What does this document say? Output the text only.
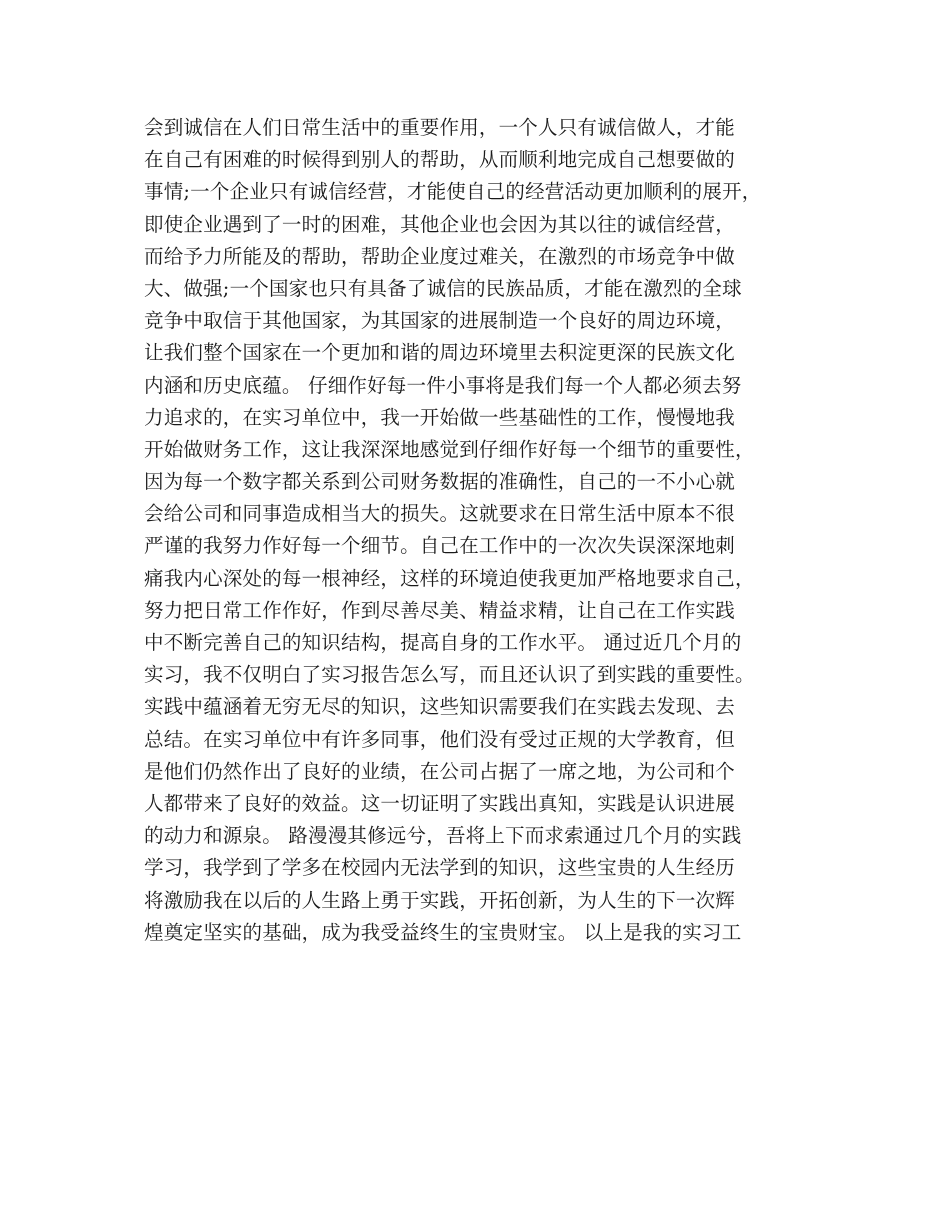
会到诚信在人们日常生活中的重要作用，一个人只有诚信做人，才能
在自己有困难的时候得到别人的帮助，从而顺利地完成自己想要做的
事情;一个企业只有诚信经营，才能使自己的经营活动更加顺利的展开，
即使企业遇到了一时的困难，其他企业也会因为其以往的诚信经营，
而给予力所能及的帮助，帮助企业度过难关，在激烈的市场竞争中做
大、做强;一个国家也只有具备了诚信的民族品质，才能在激烈的全球
竞争中取信于其他国家，为其国家的进展制造一个良好的周边环境，
让我们整个国家在一个更加和谐的周边环境里去积淀更深的民族文化
内涵和历史底蕴。 仔细作好每一件小事将是我们每一个人都必须去努
力追求的，在实习单位中，我一开始做一些基础性的工作，慢慢地我
开始做财务工作，这让我深深地感觉到仔细作好每一个细节的重要性，
因为每一个数字都关系到公司财务数据的准确性，自己的一不小心就
会给公司和同事造成相当大的损失。这就要求在日常生活中原本不很
严谨的我努力作好每一个细节。自己在工作中的一次次失误深深地刺
痛我内心深处的每一根神经，这样的环境迫使我更加严格地要求自己，
努力把日常工作作好，作到尽善尽美、精益求精，让自己在工作实践
中不断完善自己的知识结构，提高自身的工作水平。 通过近几个月的
实习，我不仅明白了实习报告怎么写，而且还认识了到实践的重要性。
实践中蕴涵着无穷无尽的知识，这些知识需要我们在实践去发现、去
总结。在实习单位中有许多同事，他们没有受过正规的大学教育，但
是他们仍然作出了良好的业绩，在公司占据了一席之地，为公司和个
人都带来了良好的效益。这一切证明了实践出真知，实践是认识进展
的动力和源泉。 路漫漫其修远兮，吾将上下而求索通过几个月的实践
学习，我学到了学多在校园内无法学到的知识，这些宝贵的人生经历
将激励我在以后的人生路上勇于实践，开拓创新，为人生的下一次辉
煌奠定坚实的基础，成为我受益终生的宝贵财宝。 以上是我的实习工
